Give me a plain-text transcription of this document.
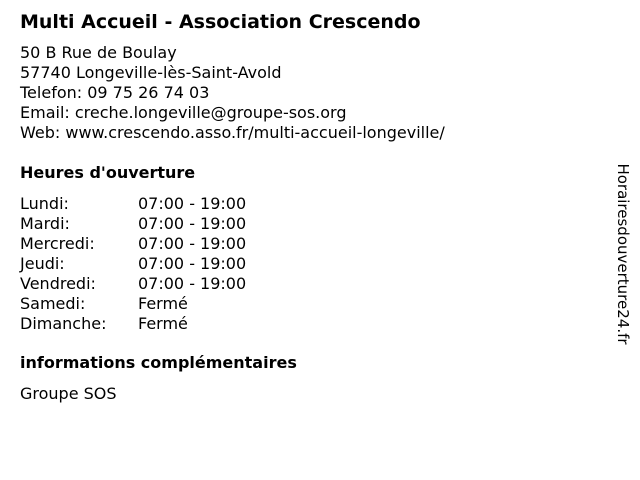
Multi Accueil - Association Crescendo
50 B Rue de Boulay
57740 Longeville-lès-Saint-Avold
Telefon: 09 75 26 74 03
Email: creche.longeville@groupe-sos.org
Web: www.crescendo.asso.fr/multi-accueil-longeville/
Heures d'ouverture
Lundi:	07:00 - 19:00
Mardi:	07:00 - 19:00
Mercredi:	07:00 - 19:00
Jeudi:	07:00 - 19:00
Vendredi:	07:00 - 19:00
Samedi:	Fermé
Dimanche:	Fermé
informations complémentaires
Groupe SOS
Horairesdouverture24.fr
